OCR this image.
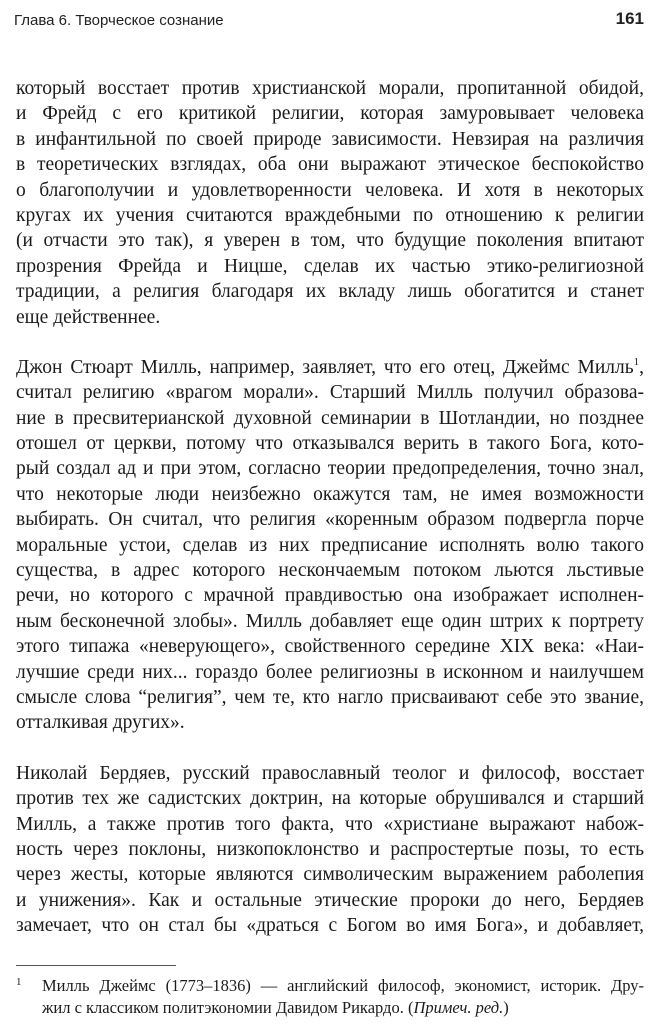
Глава 6. Творческое сознание	161
который восстает против христианской морали, пропитанной обидой,
и Фрейд с его критикой религии, которая замуровывает человека
в инфантильной по своей природе зависимости. Невзирая на различия
в теоретических взглядах, оба они выражают этическое беспокойство
о благополучии и удовлетворенности человека. И хотя в некоторых
кругах их учения считаются враждебными по отношению к религии
(и отчасти это так), я уверен в том, что будущие поколения впитают
прозрения Фрейда и Ницше, сделав их частью этико-религиозной
традиции, а религия благодаря их вкладу лишь обогатится и станет
еще действеннее.
Джон Стюарт Милль, например, заявляет, что его отец, Джеймс Милль$^1$,
считал религию «врагом морали». Старший Милль получил образова-
ние в пресвитерианской духовной семинарии в Шотландии, но позднее
отошел от церкви, потому что отказывался верить в такого Бога, кото-
рый создал ад и при этом, согласно теории предопределения, точно знал,
что некоторые люди неизбежно окажутся там, не имея возможности
выбирать. Он считал, что религия «коренным образом подвергла порче
моральные устои, сделав из них предписание исполнять волю такого
существа, в адрес которого нескончаемым потоком льются льстивые
речи, но которого с мрачной правдивостью она изображает исполнен-
ным бесконечной злобы». Милль добавляет еще один штрих к портрету
этого типажа «неверующего», свойственного середине XIX века: «Наи-
лучшие среди них... гораздо более религиозны в исконном и наилучшем
смысле слова “религия”, чем те, кто нагло присваивают себе это звание,
отталкивая других».
Николай Бердяев, русский православный теолог и философ, восстает
против тех же садистских доктрин, на которые обрушивался и старший
Милль, а также против того факта, что «христиане выражают набож-
ность через поклоны, низкопоклонство и распростертые позы, то есть
через жесты, которые являются символическим выражением раболепия
и унижения». Как и остальные этические пророки до него, Бердяев
замечает, что он стал бы «драться с Богом во имя Бога», и добавляет,
1 Милль Джеймс (1773–1836) — английский философ, экономист, историк. Дру-
жил с классиком политэкономии Давидом Рикардо. (Примеч. ред.)
